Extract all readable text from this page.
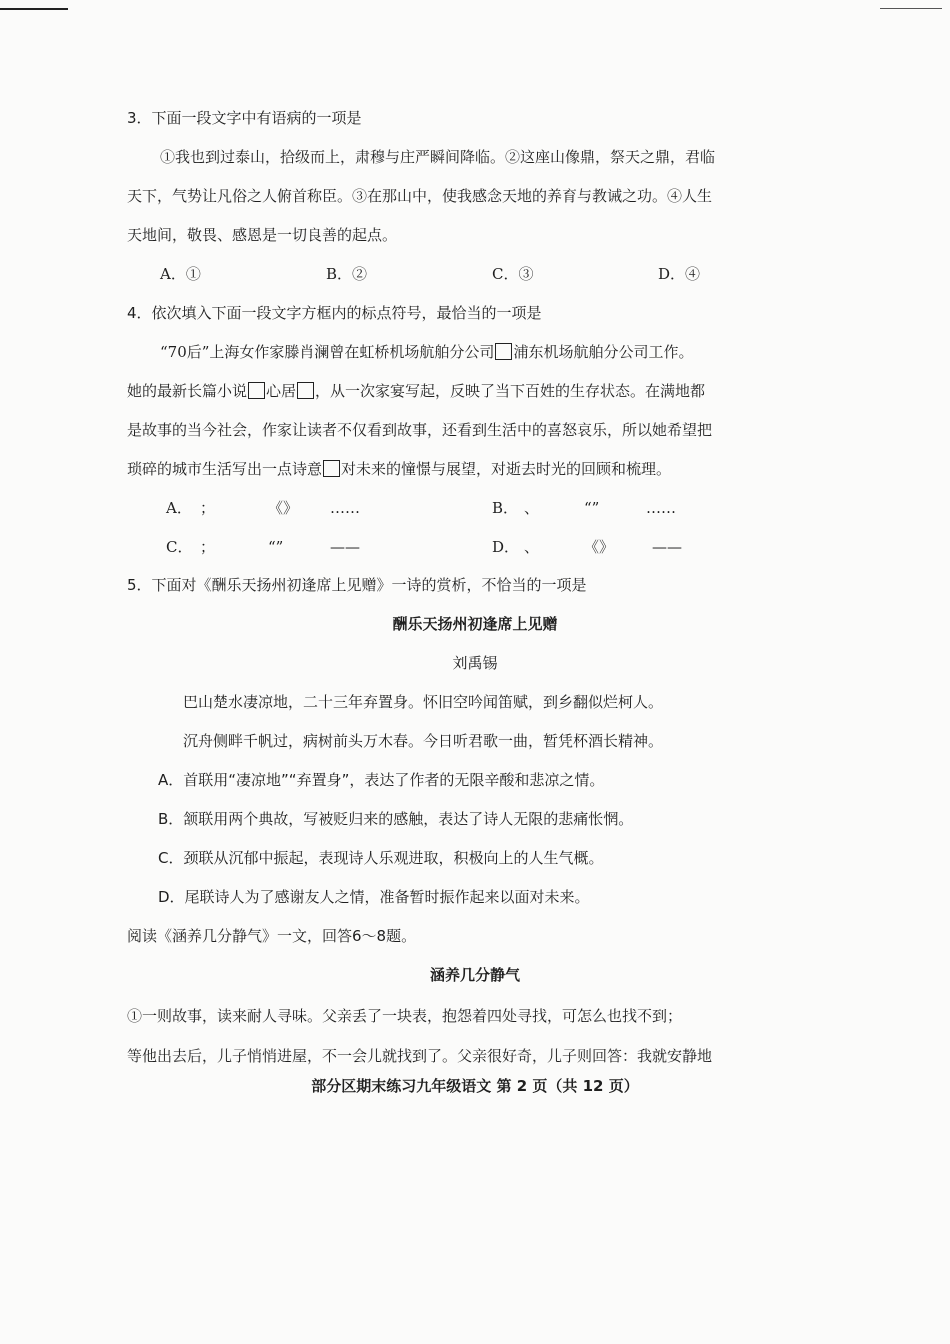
3．下面一段文字中有语病的一项是
①我也到过泰山，拾级而上，肃穆与庄严瞬间降临。②这座山像鼎，祭天之鼎，君临
天下，气势让凡俗之人俯首称臣。③在那山中，使我感念天地的养育与教诫之功。④人生
天地间，敬畏、感恩是一切良善的起点。
A．①	B．②	C．③	D．④
4．依次填入下面一段文字方框内的标点符号，最恰当的一项是
“70后”上海女作家滕肖澜曾在虹桥机场航舶分公司 浦东机场航舶分公司工作。
她的最新长篇小说 心居 ，从一次家宴写起，反映了当下百姓的生存状态。在满地都
是故事的当今社会，作家让读者不仅看到故事，还看到生活中的喜怒哀乐，所以她希望把
琐碎的城市生活写出一点诗意 对未来的憧憬与展望，对逝去时光的回顾和梳理。
A． ；	《》 ……	B． 、	“”	……
C． ；	“”	——	D． 、	《》	——
5．下面对《酬乐天扬州初逢席上见赠》一诗的赏析，不恰当的一项是
酬乐天扬州初逢席上见赠
刘禹锡
巴山楚水凄凉地，二十三年弃置身。怀旧空吟闻笛赋，到乡翻似烂柯人。
沉舟侧畔千帆过，病树前头万木春。今日听君歌一曲，暂凭杯酒长精神。
A．首联用“凄凉地”“弃置身”，表达了作者的无限辛酸和悲凉之情。
B．颔联用两个典故，写被贬归来的感触，表达了诗人无限的悲痛怅惘。
C．颈联从沉郁中振起，表现诗人乐观进取，积极向上的人生气概。
D．尾联诗人为了感谢友人之情，准备暂时振作起来以面对未来。
阅读《涵养几分静气》一文，回答6～8题。
涵养几分静气
①一则故事，读来耐人寻味。父亲丢了一块表，抱怨着四处寻找，可怎么也找不到；
等他出去后，儿子悄悄进屋，不一会儿就找到了。父亲很好奇，儿子则回答：我就安静地
部分区期末练习九年级语文 第 2 页（共 12 页）
